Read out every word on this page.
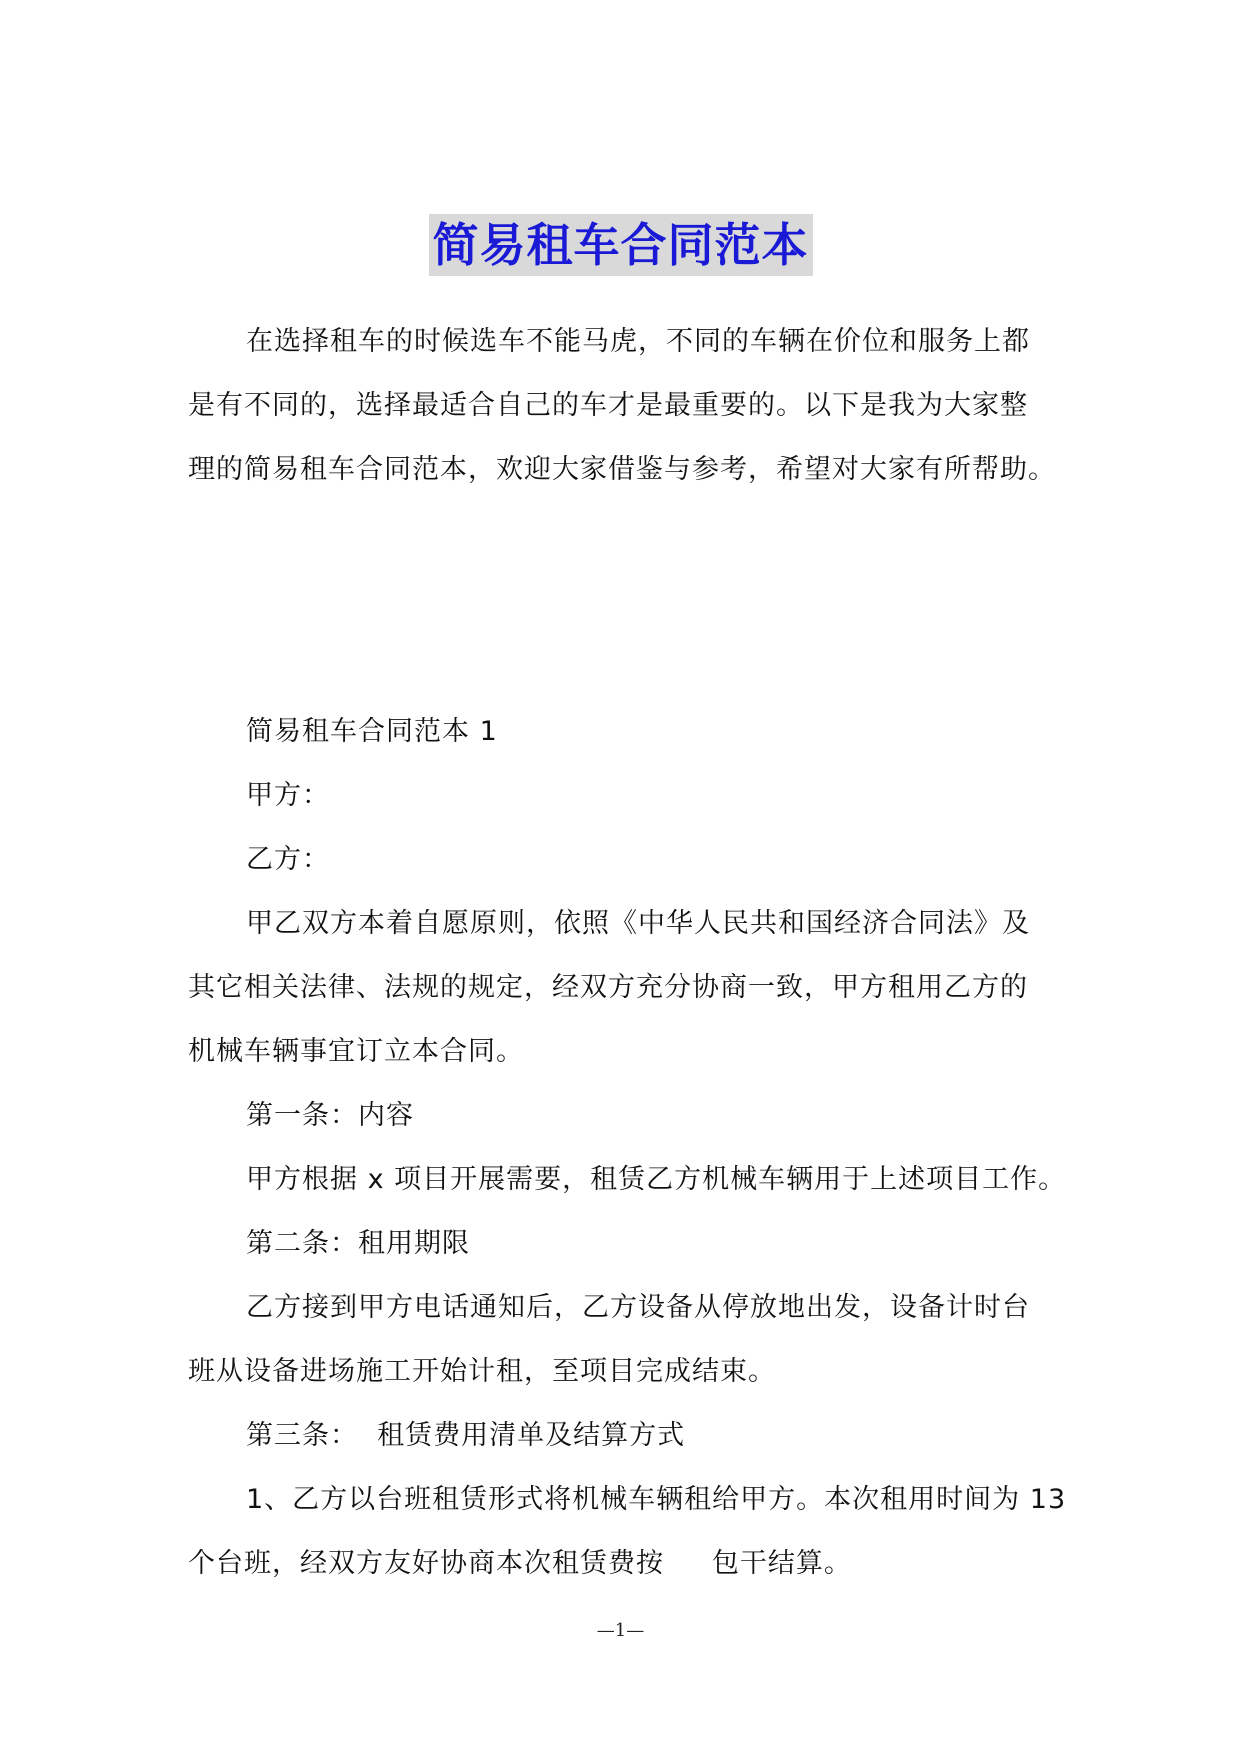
简易租车合同范本

在选择租车的时候选车不能马虎，不同的车辆在价位和服务上都
是有不同的，选择最适合自己的车才是最重要的。以下是我为大家整
理的简易租车合同范本，欢迎大家借鉴与参考，希望对大家有所帮助。

简易租车合同范本 1

甲方：

乙方：

甲乙双方本着自愿原则，依照《中华人民共和国经济合同法》及
其它相关法律、法规的规定，经双方充分协商一致，甲方租用乙方的
机械车辆事宜订立本合同。

第一条：内容

甲方根据 x 项目开展需要，租赁乙方机械车辆用于上述项目工作。

第二条：租用期限

乙方接到甲方电话通知后，乙方设备从停放地出发，设备计时台
班从设备进场施工开始计租，至项目完成结束。

第三条：  租赁费用清单及结算方式

1、乙方以台班租赁形式将机械车辆租给甲方。本次租用时间为 13
个台班，经双方友好协商本次租赁费按     包干结算。

—1—
